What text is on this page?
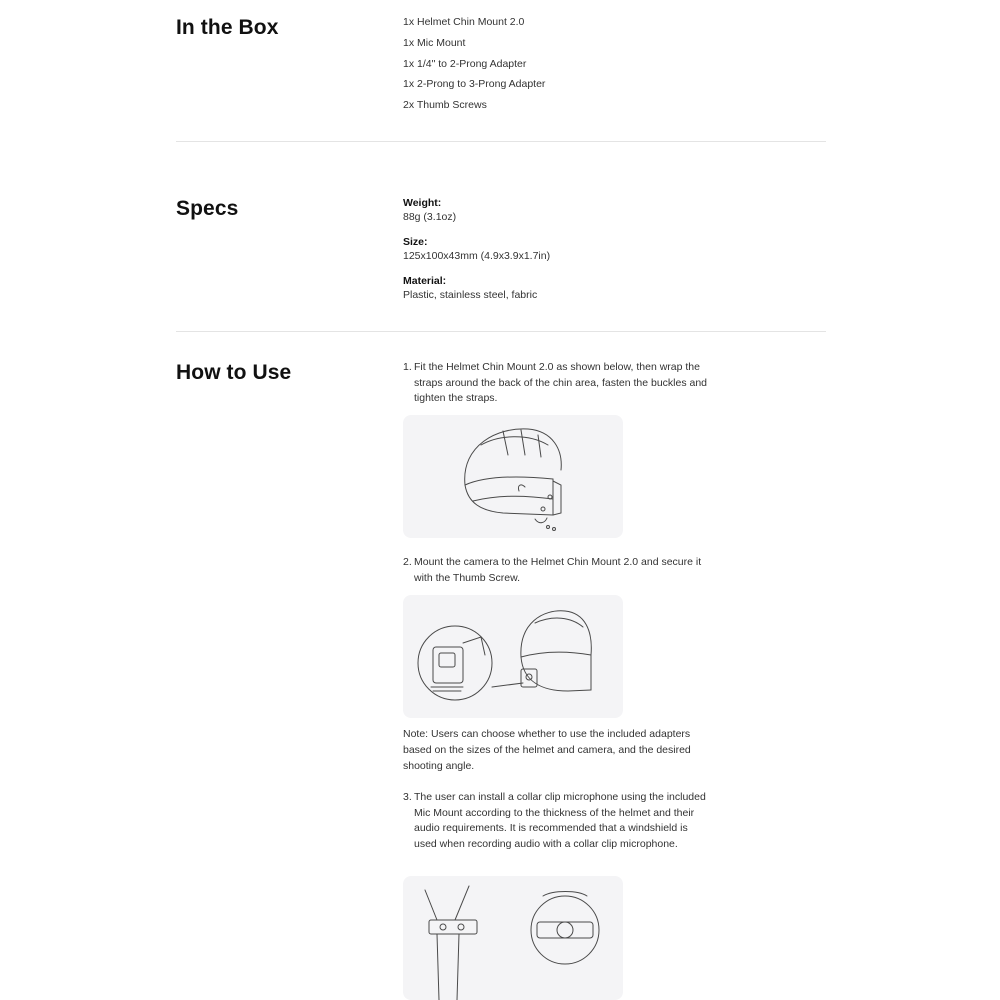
In the Box	1x Helmet Chin Mount 2.0
1x Mic Mount
1x 1/4" to 2-Prong Adapter
1x 2-Prong to 3-Prong Adapter
2x Thumb Screws
Specs	Weight:
88g (3.1oz)
Size:
125x100x43mm (4.9x3.9x1.7in)
Material:
Plastic, stainless steel, fabric
How to Use	1. Fit the Helmet Chin Mount 2.0 as shown below, then wrap the straps around the back of the chin area, fasten the buckles and tighten the straps.
2. Mount the camera to the Helmet Chin Mount 2.0 and secure it with the Thumb Screw.
Note: Users can choose whether to use the included adapters based on the sizes of the helmet and camera, and the desired shooting angle.
3. The user can install a collar clip microphone using the included Mic Mount according to the thickness of the helmet and their audio requirements. It is recommended that a windshield is used when recording audio with a collar clip microphone.
